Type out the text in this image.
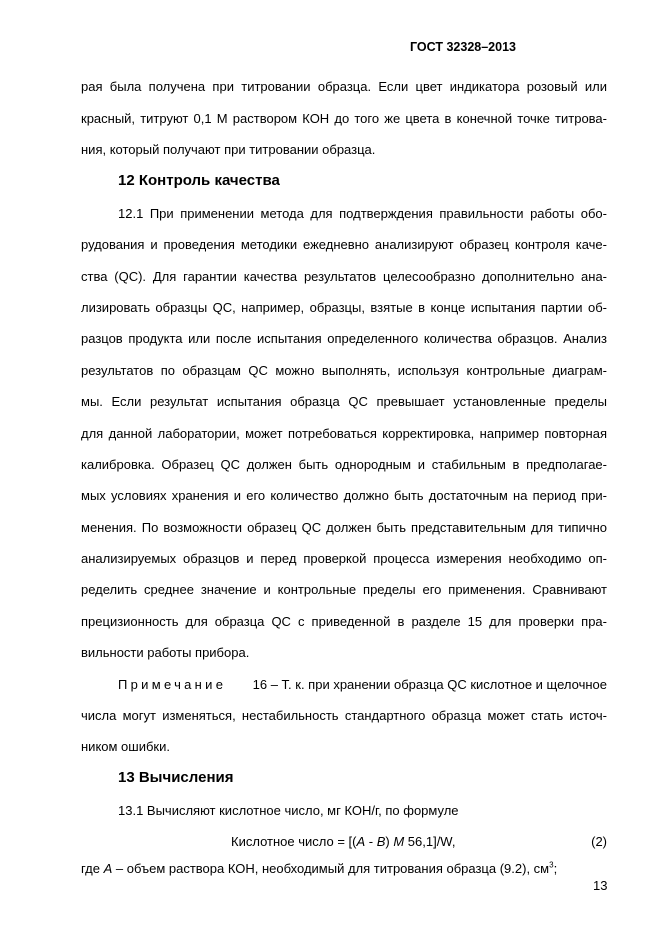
ГОСТ 32328–2013
рая была получена при титровании образца. Если цвет индикатора розовый или
красный, титруют 0,1 М раствором КОН до того же цвета в конечной точке титрова-
ния, который получают при титровании образца.
12 Контроль качества
12.1 При применении метода для подтверждения правильности работы обо-
рудования и проведения методики ежедневно анализируют образец контроля каче-
ства (QC). Для гарантии качества результатов целесообразно дополнительно ана-
лизировать образцы QC, например, образцы, взятые в конце испытания партии об-
разцов продукта или после испытания определенного количества образцов. Анализ
результатов по образцам QC можно выполнять, используя контрольные диаграм-
мы. Если результат испытания образца QC превышает установленные пределы
для данной лаборатории, может потребоваться корректировка, например повторная
калибровка. Образец QC должен быть однородным и стабильным в предполагае-
мых условиях хранения и его количество должно быть достаточным на период при-
менения. По возможности образец QC должен быть представительным для типично
анализируемых образцов и перед проверкой процесса измерения необходимо оп-
ределить среднее значение и контрольные пределы его применения. Сравнивают
прецизионность для образца QC с приведенной в разделе 15 для проверки пра-
вильности работы прибора.
Примечание 16 – Т. к. при хранении образца QC кислотное и щелочное
числа могут изменяться, нестабильность стандартного образца может стать источ-
ником ошибки.
13 Вычисления
13.1 Вычисляют кислотное число, мг КОН/г, по формуле
Кислотное число = [(A - B) M 56,1]/W,	(2)
где A – объем раствора КОН, необходимый для титрования образца (9.2), $см^3$;
13
